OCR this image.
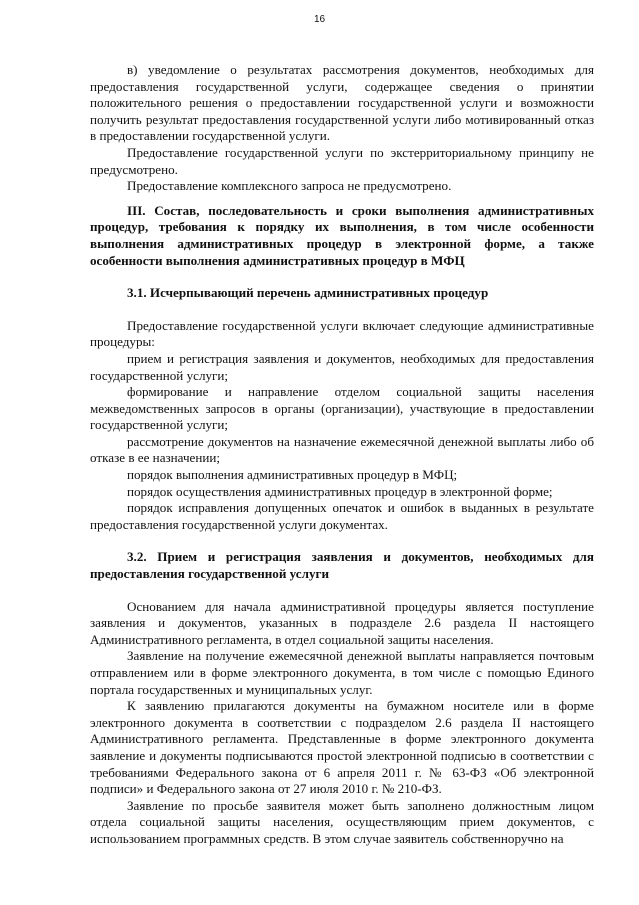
16

в) уведомление о результатах рассмотрения документов, необходимых для предоставления государственной услуги, содержащее сведения о принятии положительного решения о предоставлении государственной услуги и возможности получить результат предоставления государственной услуги либо мотивированный отказ в предоставлении государственной услуги.

Предоставление государственной услуги по экстерриториальному принципу не предусмотрено.

Предоставление комплексного запроса не предусмотрено.

III. Состав, последовательность и сроки выполнения административных процедур, требования к порядку их выполнения, в том числе особенности выполнения административных процедур в электронной форме, а также особенности выполнения административных процедур в МФЦ

3.1. Исчерпывающий перечень административных процедур

Предоставление государственной услуги включает следующие административные процедуры:

прием и регистрация заявления и документов, необходимых для предоставления государственной услуги;

формирование и направление отделом социальной защиты населения межведомственных запросов в органы (организации), участвующие в предоставлении государственной услуги;

рассмотрение документов на назначение ежемесячной денежной выплаты либо об отказе в ее назначении;

порядок выполнения административных процедур в МФЦ;

порядок осуществления административных процедур в электронной форме;

порядок исправления допущенных опечаток и ошибок в выданных в результате предоставления государственной услуги документах.

3.2. Прием и регистрация заявления и документов, необходимых для предоставления государственной услуги

Основанием для начала административной процедуры является поступление заявления и документов, указанных в подразделе 2.6 раздела II настоящего Административного регламента, в отдел социальной защиты населения.

Заявление на получение ежемесячной денежной выплаты направляется почтовым отправлением или в форме электронного документа, в том числе с помощью Единого портала государственных и муниципальных услуг.

К заявлению прилагаются документы на бумажном носителе или в форме электронного документа в соответствии с подразделом 2.6 раздела II настоящего Административного регламента. Представленные в форме электронного документа заявление и документы подписываются простой электронной подписью в соответствии с требованиями Федерального закона от 6 апреля 2011 г. № 63-ФЗ «Об электронной подписи» и Федерального закона от 27 июля 2010 г. № 210-ФЗ.

Заявление по просьбе заявителя может быть заполнено должностным лицом отдела социальной защиты населения, осуществляющим прием документов, с использованием программных средств. В этом случае заявитель собственноручно на
